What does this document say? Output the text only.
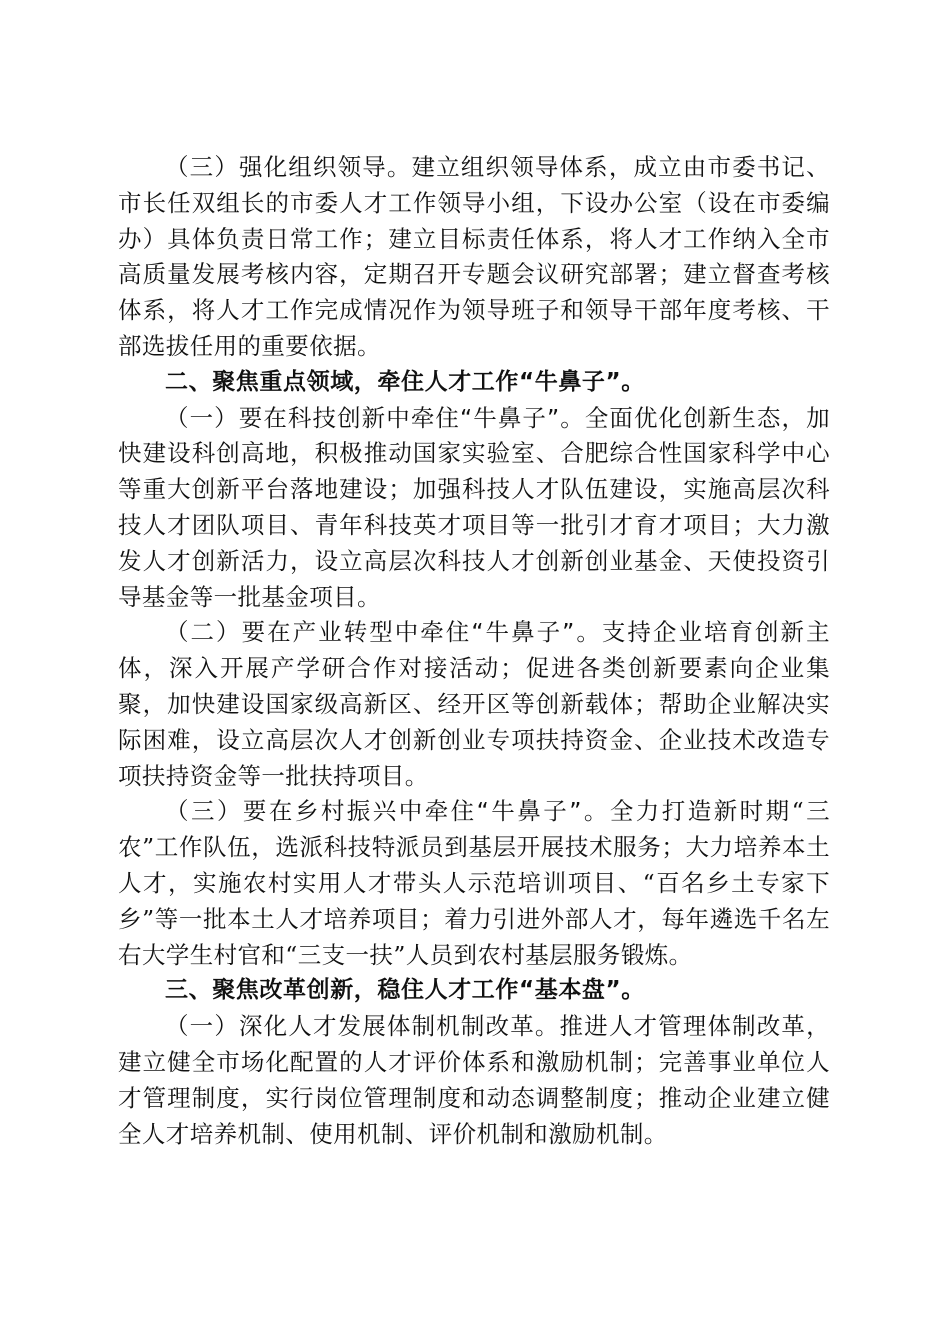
（三）强化组织领导。建立组织领导体系，成立由市委书记、市长任双组长的市委人才工作领导小组，下设办公室（设在市委编办）具体负责日常工作；建立目标责任体系，将人才工作纳入全市高质量发展考核内容，定期召开专题会议研究部署；建立督查考核体系，将人才工作完成情况作为领导班子和领导干部年度考核、干部选拔任用的重要依据。

二、聚焦重点领域，牵住人才工作“牛鼻子”。

（一）要在科技创新中牵住“牛鼻子”。全面优化创新生态，加快建设科创高地，积极推动国家实验室、合肥综合性国家科学中心等重大创新平台落地建设；加强科技人才队伍建设，实施高层次科技人才团队项目、青年科技英才项目等一批引才育才项目；大力激发人才创新活力，设立高层次科技人才创新创业基金、天使投资引导基金等一批基金项目。

（二）要在产业转型中牵住“牛鼻子”。支持企业培育创新主体，深入开展产学研合作对接活动；促进各类创新要素向企业集聚，加快建设国家级高新区、经开区等创新载体；帮助企业解决实际困难，设立高层次人才创新创业专项扶持资金、企业技术改造专项扶持资金等一批扶持项目。

（三）要在乡村振兴中牵住“牛鼻子”。全力打造新时期“三农”工作队伍，选派科技特派员到基层开展技术服务；大力培养本土人才，实施农村实用人才带头人示范培训项目、“百名乡土专家下乡”等一批本土人才培养项目；着力引进外部人才，每年遴选千名左右大学生村官和“三支一扶”人员到农村基层服务锻炼。

三、聚焦改革创新，稳住人才工作“基本盘”。

（一）深化人才发展体制机制改革。推进人才管理体制改革，建立健全市场化配置的人才评价体系和激励机制；完善事业单位人才管理制度，实行岗位管理制度和动态调整制度；推动企业建立健全人才培养机制、使用机制、评价机制和激励机制。
